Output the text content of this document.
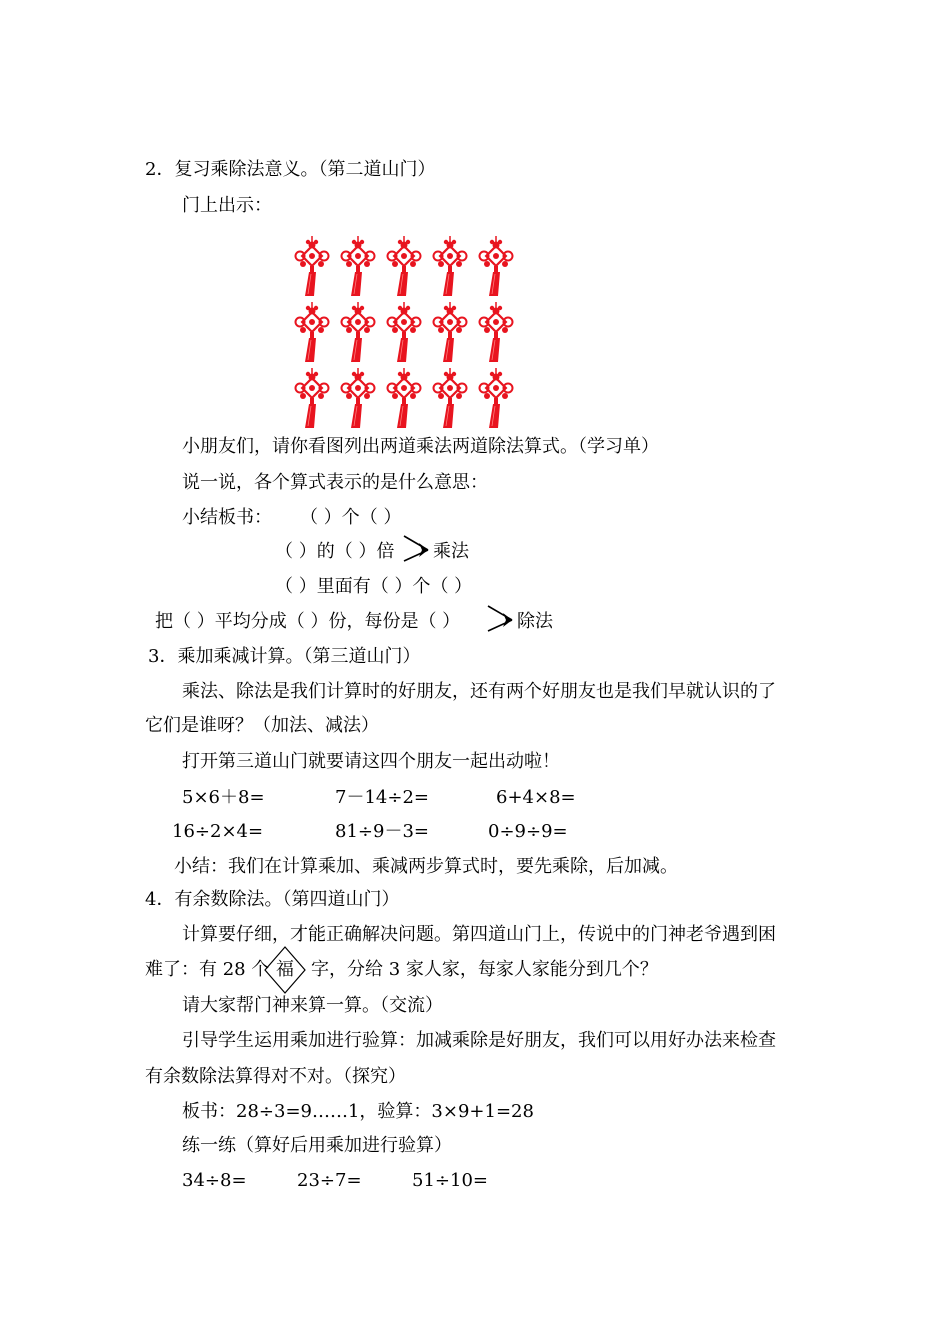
2．复习乘除法意义。（第二道山门）
门上出示：
小朋友们，请你看图列出两道乘法两道除法算式。（学习单）
说一说，各个算式表示的是什么意思：
小结板书： （ ）个（ ）
（ ）的（ ）倍 乘法
（ ）里面有（ ）个（ ）
把（ ）平均分成（ ）份，每份是（ ）	除法
3．乘加乘减计算。（第三道山门）
乘法、除法是我们计算时的好朋友，还有两个好朋友也是我们早就认识的了
它们是谁呀？（加法、减法）
打开第三道山门就要请这四个朋友一起出动啦！
5×6＋8=	7－14÷2=	6+4×8=
16÷2×4=	81÷9－3=	0÷9÷9=
小结：我们在计算乘加、乘减两步算式时，要先乘除，后加减。
4．有余数除法。（第四道山门）
计算要仔细，才能正确解决问题。第四道山门上，传说中的门神老爷遇到困
难了：有 28 个 福 字，分给 3 家人家，每家人家能分到几个？
请大家帮门神来算一算。（交流）
引导学生运用乘加进行验算：加减乘除是好朋友，我们可以用好办法来检查
有余数除法算得对不对。（探究）
板书：28÷3=9……1，验算：3×9+1=28
练一练（算好后用乘加进行验算）
34÷8=	23÷7=	51÷10=
